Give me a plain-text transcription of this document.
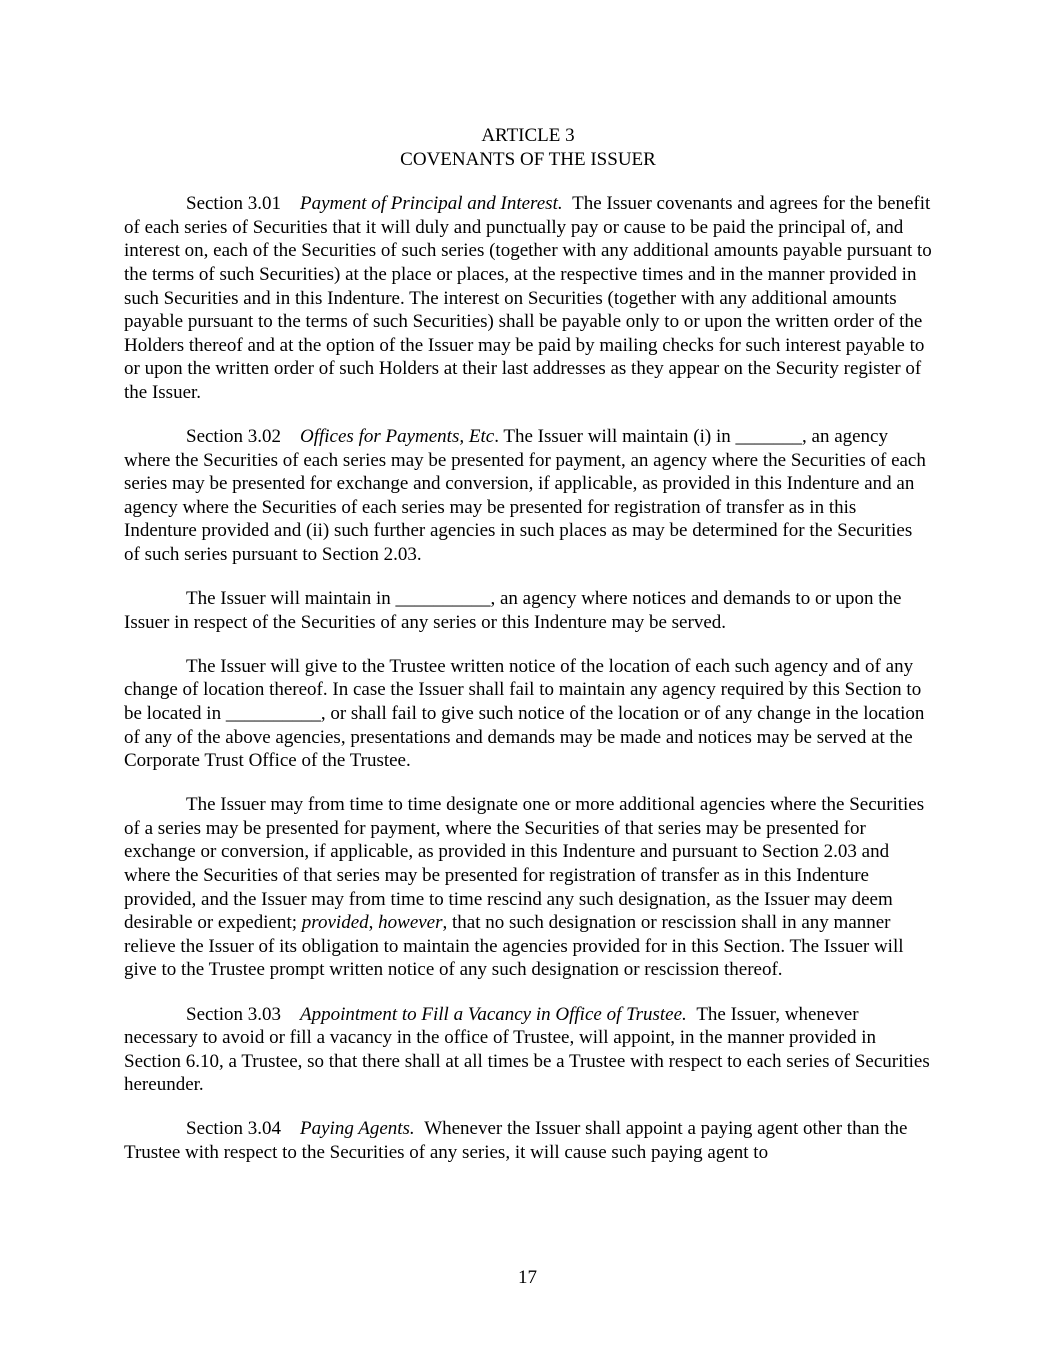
ARTICLE 3
COVENANTS OF THE ISSUER

Section 3.01 Payment of Principal and Interest. The Issuer covenants and agrees for the benefit of each series of Securities that it will duly and punctually pay or cause to be paid the principal of, and interest on, each of the Securities of such series (together with any additional amounts payable pursuant to the terms of such Securities) at the place or places, at the respective times and in the manner provided in such Securities and in this Indenture. The interest on Securities (together with any additional amounts payable pursuant to the terms of such Securities) shall be payable only to or upon the written order of the Holders thereof and at the option of the Issuer may be paid by mailing checks for such interest payable to or upon the written order of such Holders at their last addresses as they appear on the Security register of the Issuer.

Section 3.02 Offices for Payments, Etc. The Issuer will maintain (i) in _______, an agency where the Securities of each series may be presented for payment, an agency where the Securities of each series may be presented for exchange and conversion, if applicable, as provided in this Indenture and an agency where the Securities of each series may be presented for registration of transfer as in this Indenture provided and (ii) such further agencies in such places as may be determined for the Securities of such series pursuant to Section 2.03.

The Issuer will maintain in __________, an agency where notices and demands to or upon the Issuer in respect of the Securities of any series or this Indenture may be served.

The Issuer will give to the Trustee written notice of the location of each such agency and of any change of location thereof. In case the Issuer shall fail to maintain any agency required by this Section to be located in __________, or shall fail to give such notice of the location or of any change in the location of any of the above agencies, presentations and demands may be made and notices may be served at the Corporate Trust Office of the Trustee.

The Issuer may from time to time designate one or more additional agencies where the Securities of a series may be presented for payment, where the Securities of that series may be presented for exchange or conversion, if applicable, as provided in this Indenture and pursuant to Section 2.03 and where the Securities of that series may be presented for registration of transfer as in this Indenture provided, and the Issuer may from time to time rescind any such designation, as the Issuer may deem desirable or expedient; provided, however, that no such designation or rescission shall in any manner relieve the Issuer of its obligation to maintain the agencies provided for in this Section. The Issuer will give to the Trustee prompt written notice of any such designation or rescission thereof.

Section 3.03 Appointment to Fill a Vacancy in Office of Trustee. The Issuer, whenever necessary to avoid or fill a vacancy in the office of Trustee, will appoint, in the manner provided in Section 6.10, a Trustee, so that there shall at all times be a Trustee with respect to each series of Securities hereunder.

Section 3.04 Paying Agents. Whenever the Issuer shall appoint a paying agent other than the Trustee with respect to the Securities of any series, it will cause such paying agent to

17
